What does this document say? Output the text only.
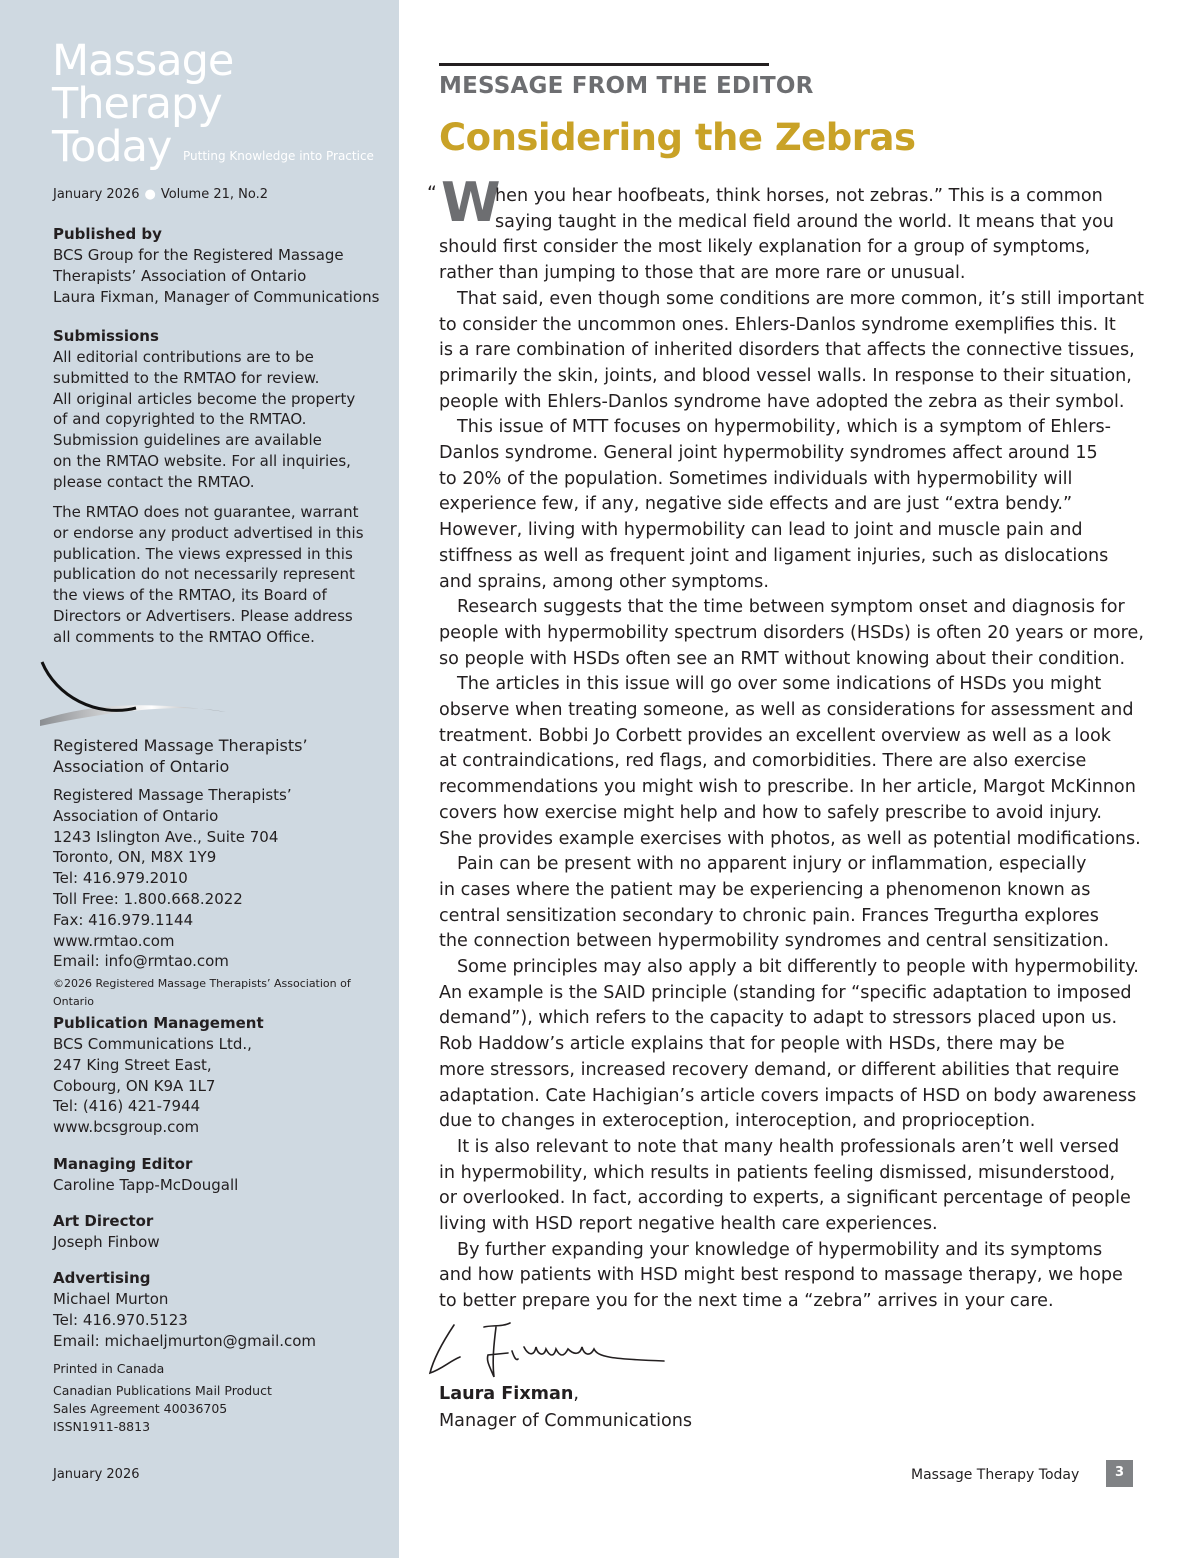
Massage
Therapy
Today Putting Knowledge into Practice
January 2026 ● Volume 21, No.2
Published by
BCS Group for the Registered Massage
Therapists’ Association of Ontario
Laura Fixman, Manager of Communications
Submissions
All editorial contributions are to be
submitted to the RMTAO for review.
All original articles become the property
of and copyrighted to the RMTAO.
Submission guidelines are available
on the RMTAO website. For all inquiries,
please contact the RMTAO.
The RMTAO does not guarantee, warrant
or endorse any product advertised in this
publication. The views expressed in this
publication do not necessarily represent
the views of the RMTAO, its Board of
Directors or Advertisers. Please address
all comments to the RMTAO Office.
Registered Massage Therapists’
Association of Ontario
Registered Massage Therapists’
Association of Ontario
1243 Islington Ave., Suite 704
Toronto, ON, M8X 1Y9
Tel: 416.979.2010
Toll Free: 1.800.668.2022
Fax: 416.979.1144
www.rmtao.com
Email: info@rmtao.com
©2026 Registered Massage Therapists’ Association of Ontario
Publication Management
BCS Communications Ltd.,
247 King Street East,
Cobourg, ON K9A 1L7
Tel: (416) 421-7944
www.bcsgroup.com
Managing Editor
Caroline Tapp-McDougall
Art Director
Joseph Finbow
Advertising
Michael Murton
Tel: 416.970.5123
Email: michaeljmurton@gmail.com
Printed in Canada
Canadian Publications Mail Product
Sales Agreement 40036705
ISSN1911-8813
January 2026
MESSAGE FROM THE EDITOR
Considering the Zebras
“ W
hen you hear hoofbeats, think horses, not zebras.” This is a common
saying taught in the medical field around the world. It means that you
should first consider the most likely explanation for a group of symptoms,
rather than jumping to those that are more rare or unusual.
That said, even though some conditions are more common, it’s still important
to consider the uncommon ones. Ehlers-Danlos syndrome exemplifies this. It
is a rare combination of inherited disorders that affects the connective tissues,
primarily the skin, joints, and blood vessel walls. In response to their situation,
people with Ehlers-Danlos syndrome have adopted the zebra as their symbol.
This issue of MTT focuses on hypermobility, which is a symptom of Ehlers-
Danlos syndrome. General joint hypermobility syndromes affect around 15
to 20% of the population. Sometimes individuals with hypermobility will
experience few, if any, negative side effects and are just “extra bendy.”
However, living with hypermobility can lead to joint and muscle pain and
stiffness as well as frequent joint and ligament injuries, such as dislocations
and sprains, among other symptoms.
Research suggests that the time between symptom onset and diagnosis for
people with hypermobility spectrum disorders (HSDs) is often 20 years or more,
so people with HSDs often see an RMT without knowing about their condition.
The articles in this issue will go over some indications of HSDs you might
observe when treating someone, as well as considerations for assessment and
treatment. Bobbi Jo Corbett provides an excellent overview as well as a look
at contraindications, red flags, and comorbidities. There are also exercise
recommendations you might wish to prescribe. In her article, Margot McKinnon
covers how exercise might help and how to safely prescribe to avoid injury.
She provides example exercises with photos, as well as potential modifications.
Pain can be present with no apparent injury or inflammation, especially
in cases where the patient may be experiencing a phenomenon known as
central sensitization secondary to chronic pain. Frances Tregurtha explores
the connection between hypermobility syndromes and central sensitization.
Some principles may also apply a bit differently to people with hypermobility.
An example is the SAID principle (standing for “specific adaptation to imposed
demand”), which refers to the capacity to adapt to stressors placed upon us.
Rob Haddow’s article explains that for people with HSDs, there may be
more stressors, increased recovery demand, or different abilities that require
adaptation. Cate Hachigian’s article covers impacts of HSD on body awareness
due to changes in exteroception, interoception, and proprioception.
It is also relevant to note that many health professionals aren’t well versed
in hypermobility, which results in patients feeling dismissed, misunderstood,
or overlooked. In fact, according to experts, a significant percentage of people
living with HSD report negative health care experiences.
By further expanding your knowledge of hypermobility and its symptoms
and how patients with HSD might best respond to massage therapy, we hope
to better prepare you for the next time a “zebra” arrives in your care.
Laura Fixman,
Manager of Communications
Massage Therapy Today	3
